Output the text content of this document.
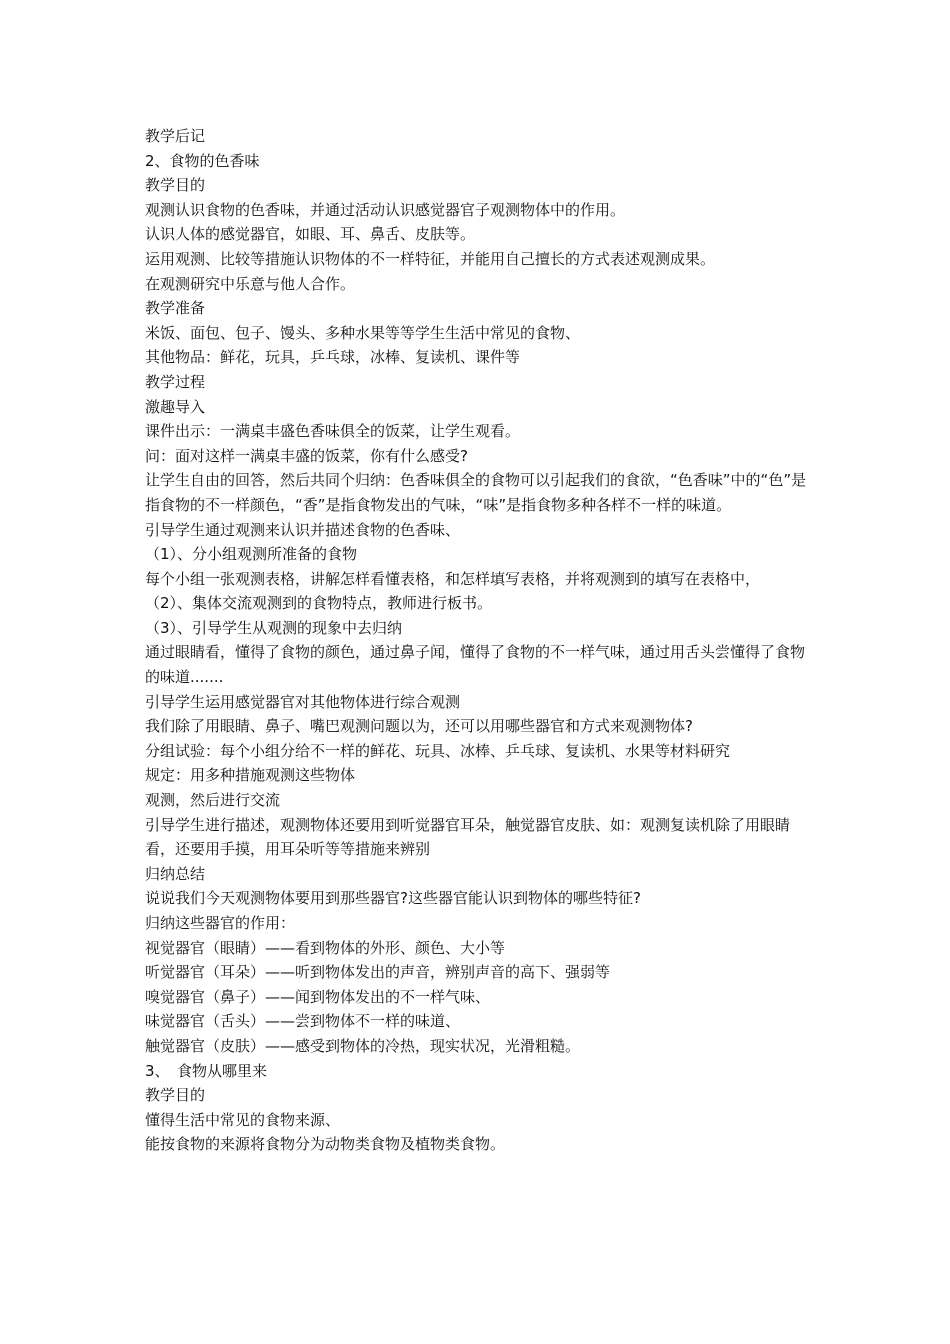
教学后记

2、食物的色香味

教学目的

观测认识食物的色香味，并通过活动认识感觉器官子观测物体中的作用。

认识人体的感觉器官，如眼、耳、鼻舌、皮肤等。

运用观测、比较等措施认识物体的不一样特征，并能用自己擅长的方式表述观测成果。

在观测研究中乐意与他人合作。

教学准备

米饭、面包、包子、馒头、多种水果等等学生生活中常见的食物、

其他物品：鲜花，玩具，乒乓球，冰棒、复读机、课件等

教学过程

激趣导入

课件出示：一满桌丰盛色香味俱全的饭菜，让学生观看。

问：面对这样一满桌丰盛的饭菜，你有什么感受?

让学生自由的回答，然后共同个归纳：色香味俱全的食物可以引起我们的食欲，“色香味”中的“色”是指食物的不一样颜色，“香”是指食物发出的气味，“味”是指食物多种各样不一样的味道。

引导学生通过观测来认识并描述食物的色香味、

（1）、分小组观测所准备的食物

每个小组一张观测表格，讲解怎样看懂表格，和怎样填写表格，并将观测到的填写在表格中，

（2）、集体交流观测到的食物特点，教师进行板书。

（3）、引导学生从观测的现象中去归纳

通过眼睛看，懂得了食物的颜色，通过鼻子闻，懂得了食物的不一样气味，通过用舌头尝懂得了食物的味道.......

引导学生运用感觉器官对其他物体进行综合观测

我们除了用眼睛、鼻子、嘴巴观测问题以为，还可以用哪些器官和方式来观测物体?

分组试验：每个小组分给不一样的鲜花、玩具、冰棒、乒乓球、复读机、水果等材料研究

规定：用多种措施观测这些物体

观测，然后进行交流

引导学生进行描述，观测物体还要用到听觉器官耳朵，触觉器官皮肤、如：观测复读机除了用眼睛看，还要用手摸，用耳朵听等等措施来辨别

归纳总结

说说我们今天观测物体要用到那些器官?这些器官能认识到物体的哪些特征?

归纳这些器官的作用：

视觉器官（眼睛）——看到物体的外形、颜色、大小等

听觉器官（耳朵）——听到物体发出的声音，辨别声音的高下、强弱等

嗅觉器官（鼻子）——闻到物体发出的不一样气味、

味觉器官（舌头）——尝到物体不一样的味道、

触觉器官（皮肤）——感受到物体的冷热，现实状况，光滑粗糙。

3、　食物从哪里来

教学目的

懂得生活中常见的食物来源、

能按食物的来源将食物分为动物类食物及植物类食物。
